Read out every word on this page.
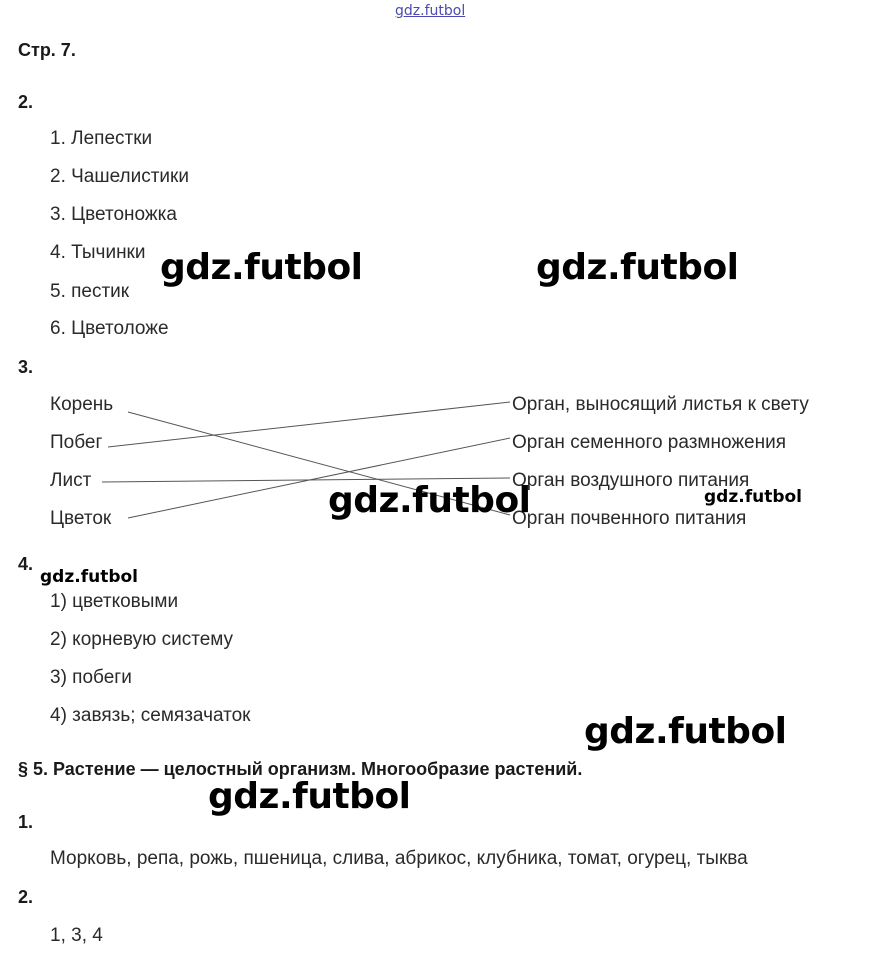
gdz.futbol
Стр. 7.
2.
1. Лепестки
2. Чашелистики
3. Цветоножка
4. Тычинки
5. пестик
6. Цветоложе
3.
Корень
Побег
Лист
Цветок
Орган, выносящий листья к свету
Орган семенного размножения
Орган воздушного питания
Орган почвенного питания
4.
1) цветковыми
2) корневую систему
3) побеги
4) завязь; семязачаток
§ 5. Растение — целостный организм. Многообразие растений.
1.
Морковь, репа, рожь, пшеница, слива, абрикос, клубника, томат, огурец, тыква
2.
1, 3, 4
gdz.futbol	gdz.futbol
gdz.futbol	gdz.futbol
gdz.futbol
gdz.futbol
gdz.futbol
